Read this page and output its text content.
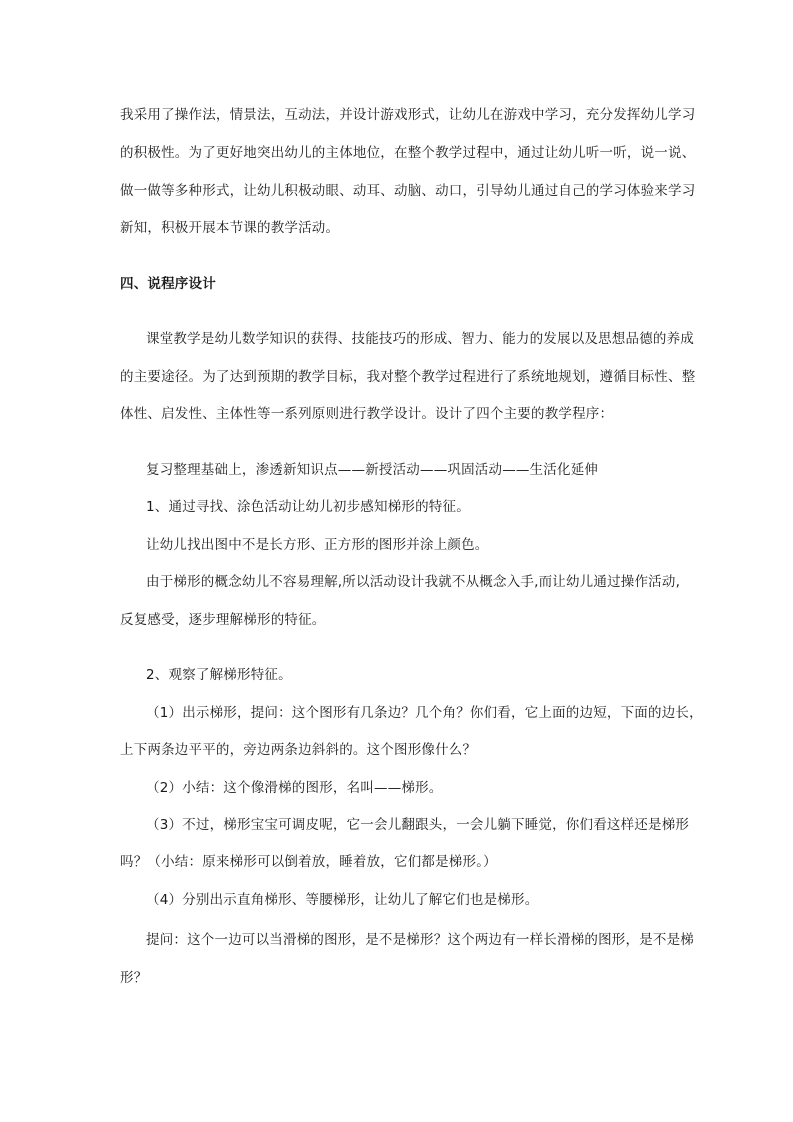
我采用了操作法，情景法，互动法，并设计游戏形式，让幼儿在游戏中学习，充分发挥幼儿学习
的积极性。为了更好地突出幼儿的主体地位，在整个教学过程中，通过让幼儿听一听，说一说、
做一做等多种形式，让幼儿积极动眼、动耳、动脑、动口，引导幼儿通过自己的学习体验来学习
新知，积极开展本节课的教学活动。
四、说程序设计
课堂教学是幼儿数学知识的获得、技能技巧的形成、智力、能力的发展以及思想品德的养成
的主要途径。为了达到预期的教学目标，我对整个教学过程进行了系统地规划，遵循目标性、整
体性、启发性、主体性等一系列原则进行教学设计。设计了四个主要的教学程序：
复习整理基础上，渗透新知识点——新授活动——巩固活动——生活化延伸
1、通过寻找、涂色活动让幼儿初步感知梯形的特征。
让幼儿找出图中不是长方形、正方形的图形并涂上颜色。
由于梯形的概念幼儿不容易理解,所以活动设计我就不从概念入手,而让幼儿通过操作活动,
反复感受，逐步理解梯形的特征。
2、观察了解梯形特征。
（1）出示梯形，提问：这个图形有几条边？几个角？你们看，它上面的边短，下面的边长，
上下两条边平平的，旁边两条边斜斜的。这个图形像什么？
（2）小结：这个像滑梯的图形，名叫——梯形。
（3）不过，梯形宝宝可调皮呢，它一会儿翻跟头，一会儿躺下睡觉，你们看这样还是梯形
吗？（小结：原来梯形可以倒着放，睡着放，它们都是梯形。）
（4）分别出示直角梯形、等腰梯形，让幼儿了解它们也是梯形。
提问：这个一边可以当滑梯的图形，是不是梯形？这个两边有一样长滑梯的图形，是不是梯
形？
